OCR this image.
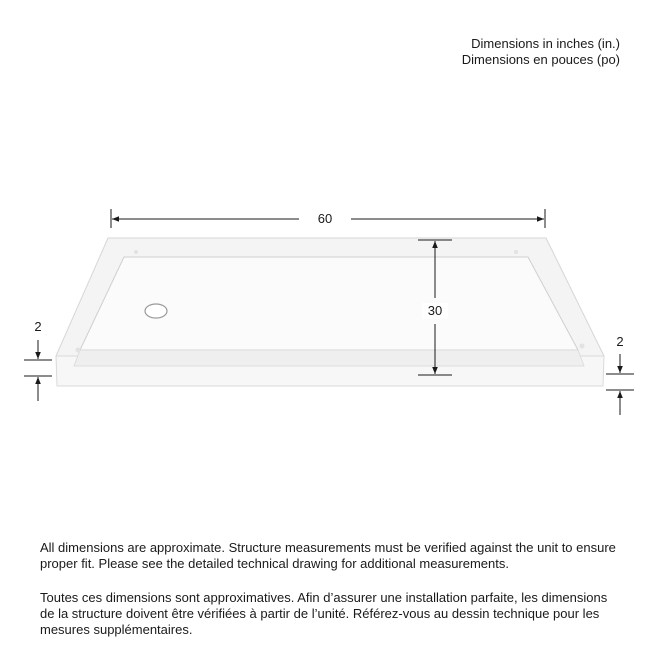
Dimensions in inches (in.)
Dimensions en pouces (po)
60
30
2
2

All dimensions are approximate. Structure measurements must be verified against the unit to ensure proper fit. Please see the detailed technical drawing for additional measurements.

Toutes ces dimensions sont approximatives. Afin d’assurer une installation parfaite, les dimensions de la structure doivent être vérifiées à partir de l’unité. Référez-vous au dessin technique pour les mesures supplémentaires.
